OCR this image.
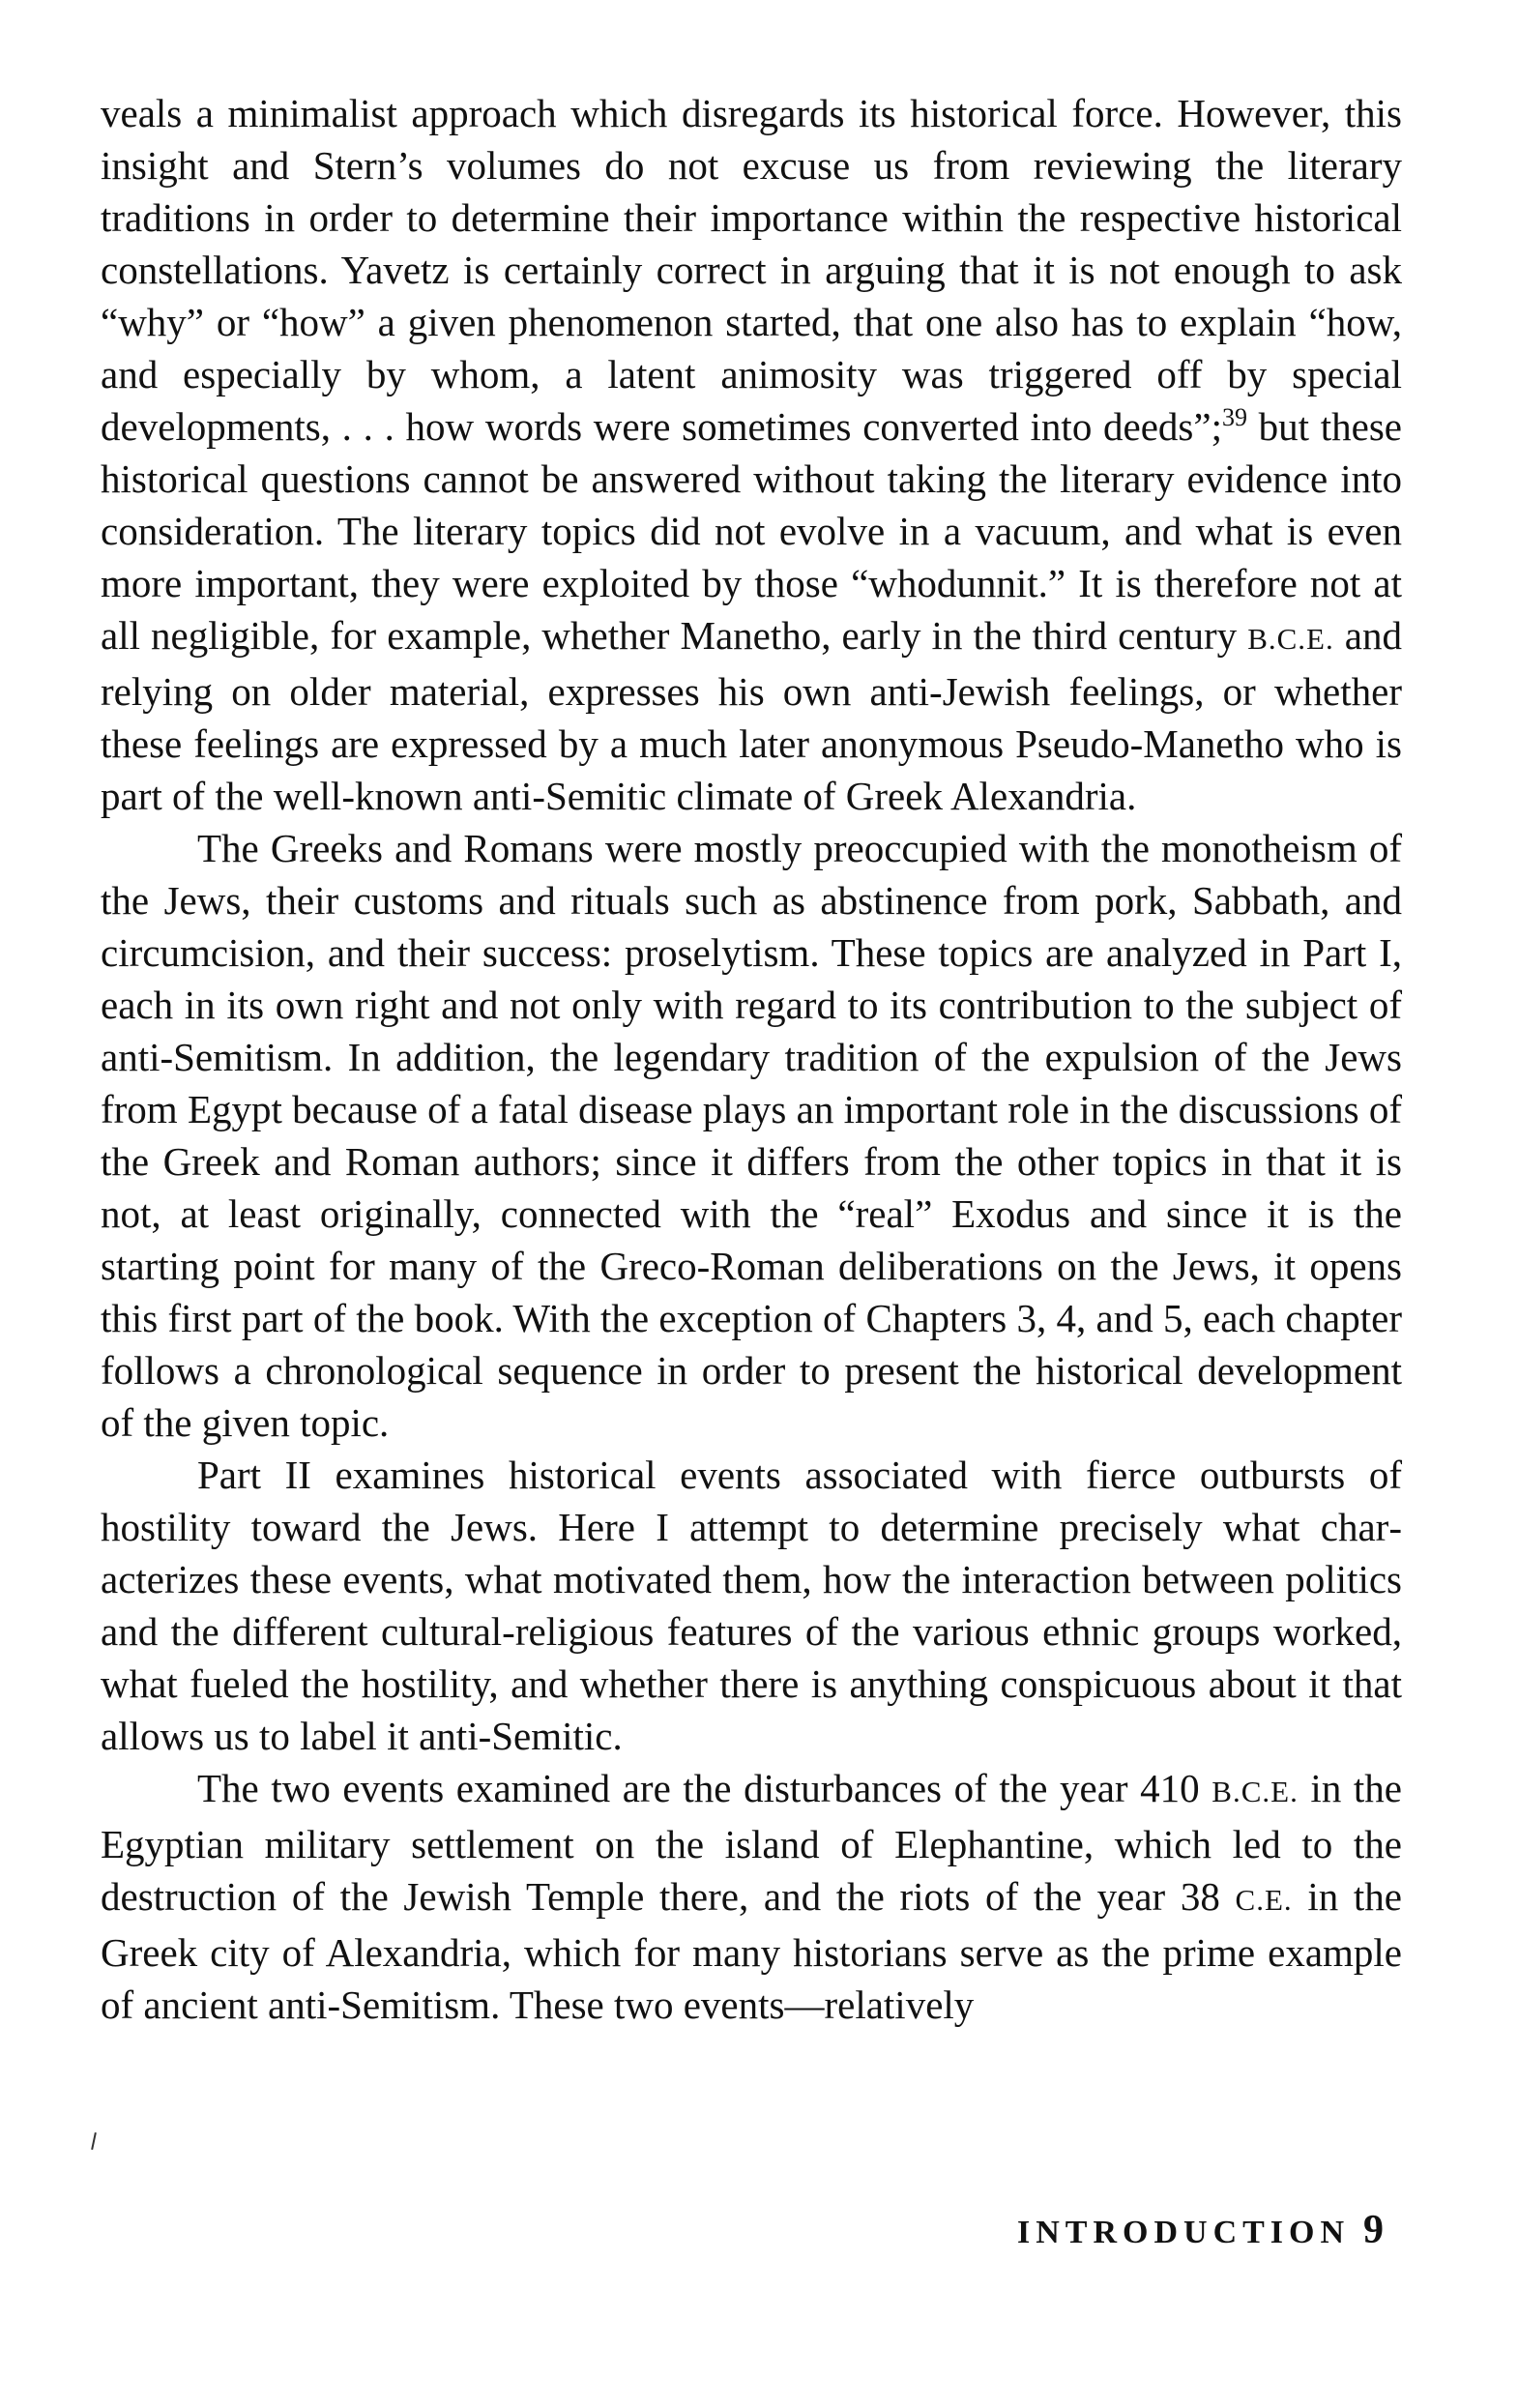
veals a minimalist approach which disregards its historical force. However, this insight and Stern’s volumes do not excuse us from reviewing the literary traditions in order to determine their importance within the respective historical constellations. Yavetz is certainly correct in arguing that it is not enough to ask “why” or “how” a given phenomenon started, that one also has to explain “how, and especially by whom, a latent animosity was triggered off by special developments, . . . how words were sometimes converted into deeds”;$^{39}$ but these historical questions cannot be answered without taking the literary evidence into consideration. The literary topics did not evolve in a vacuum, and what is even more important, they were exploited by those “whodunnit.” It is therefore not at all negligible, for example, whether Manetho, early in the third century B.C.E. and relying on older material, expresses his own anti-Jewish feelings, or whether these feelings are expressed by a much later anonymous Pseudo-Manetho who is part of the well-known anti-Semitic climate of Greek Alexandria.

The Greeks and Romans were mostly preoccupied with the monotheism of the Jews, their customs and rituals such as abstinence from pork, Sabbath, and circumcision, and their success: proselytism. These topics are analyzed in Part I, each in its own right and not only with regard to its contribution to the subject of anti-Semitism. In addition, the legendary tradition of the expulsion of the Jews from Egypt because of a fatal disease plays an important role in the discussions of the Greek and Roman authors; since it differs from the other topics in that it is not, at least originally, connected with the “real” Exodus and since it is the starting point for many of the Greco-Roman deliberations on the Jews, it opens this first part of the book. With the exception of Chapters 3, 4, and 5, each chapter follows a chronological sequence in order to present the historical development of the given topic.

Part II examines historical events associated with fierce outbursts of hostility toward the Jews. Here I attempt to determine precisely what characterizes these events, what motivated them, how the interaction between politics and the different cultural-religious features of the various ethnic groups worked, what fueled the hostility, and whether there is anything conspicuous about it that allows us to label it anti-Semitic.

The two events examined are the disturbances of the year 410 B.C.E. in the Egyptian military settlement on the island of Elephantine, which led to the destruction of the Jewish Temple there, and the riots of the year 38 C.E. in the Greek city of Alexandria, which for many historians serve as the prime example of ancient anti-Semitism. These two events—relatively

INTRODUCTION 9
